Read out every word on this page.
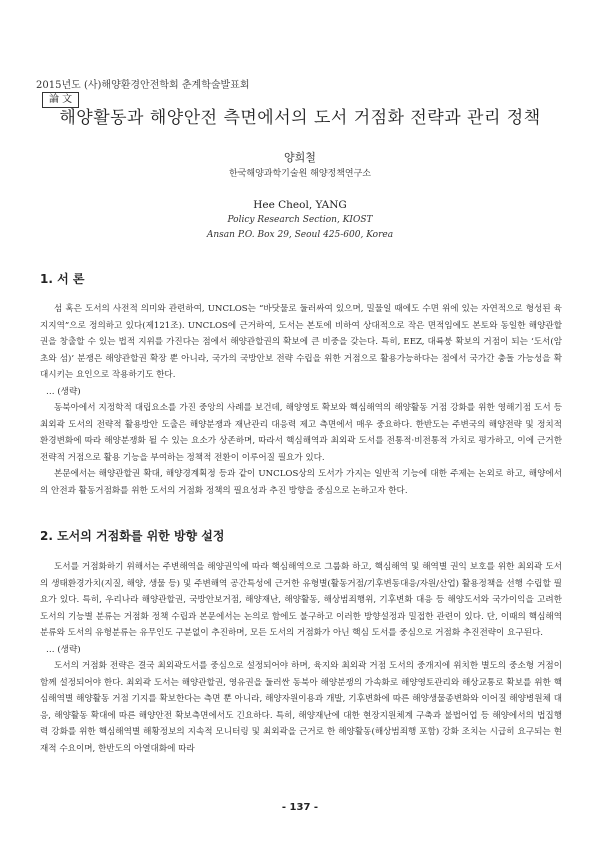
2015년도 (사)해양환경안전학회 춘계학술발표회
論 文
해양활동과 해양안전 측면에서의 도서 거점화 전략과 관리 정책
양희철
한국해양과학기술원 해양정책연구소
Hee Cheol, YANG
Policy Research Section, KIOST
Ansan P.O. Box 29, Seoul 425-600, Korea
1. 서 론

섬 혹은 도서의 사전적 의미와 관련하여, UNCLOS는 “바닷물로 둘러싸여 있으며, 밀물일 때에도 수면 위에 있는 자연적으로 형성된 육지지역”으로 정의하고 있다(제121조). UNCLOS에 근거하여, 도서는 본토에 비하여 상대적으로 작은 면적임에도 본토와 동일한 해양관할권을 창출할 수 있는 법적 지위를 가진다는 점에서 해양관할권의 확보에 큰 비중을 갖는다. 특히, EEZ, 대륙붕 확보의 거점이 되는 ‘도서(암초와 섬)’ 분쟁은 해양관할권 확장 뿐 아니라, 국가의 국방안보 전략 수립을 위한 거점으로 활용가능하다는 점에서 국가간 충돌 가능성을 확대시키는 요인으로 작용하기도 한다.

… (생략)

동북아에서 지정학적 대립요소를 가진 중앙의 사례를 보건데, 해양영토 확보와 핵심해역의 해양활동 거점 강화를 위한 영해기점 도서 등 최외곽 도서의 전략적 활용방안 도출은 해양분쟁과 재난관리 대응력 제고 측면에서 매우 중요하다. 한반도는 주변국의 해양전략 및 정치적 환경변화에 따라 해양분쟁화 될 수 있는 요소가 상존하며, 따라서 핵심해역과 최외곽 도서를 전통적·비전통적 가치로 평가하고, 이에 근거한 전략적 거점으로 활용 기능을 부여하는 정책적 전환이 이루어질 필요가 있다.

본문에서는 해양관할권 확대, 해양경계획정 등과 같이 UNCLOS상의 도서가 가지는 일반적 기능에 대한 주제는 논외로 하고, 해양에서의 안전과 활동거점화를 위한 도서의 거점화 정책의 필요성과 추진 방향을 중심으로 논하고자 한다.

2. 도서의 거점화를 위한 방향 설정

도서를 거점화하기 위해서는 주변해역을 해양권익에 따라 핵심해역으로 그룹화 하고, 핵심해역 및 해역별 권익 보호를 위한 최외곽 도서의 생태환경가치(지질, 해양, 생물 등) 및 주변해역 공간특성에 근거한 유형별(활동거점/기후변동대응/자원/산업) 활용정책을 선행 수립할 필요가 있다. 특히, 우리나라 해양관할권, 국방안보거점, 해양재난, 해양활동, 해상범죄행위, 기후변화 대응 등 해양도서와 국가이익을 고려한 도서의 기능별 분류는 거점화 정책 수립과 본문에서는 논의로 함에도 불구하고 이러한 방향설정과 밀접한 관련이 있다. 단, 이때의 핵심해역 분류와 도서의 유형분류는 유무인도 구분없이 추진하며, 모든 도서의 거점화가 아닌 핵심 도서를 중심으로 거점화 추진전략이 요구된다.

… (생략)

도서의 거점화 전략은 결국 최외곽도서를 중심으로 설정되어야 하며, 육지와 최외곽 거점 도서의 중개지에 위치한 별도의 중소형 거점이 함께 설정되어야 한다. 최외곽 도서는 해양관할권, 영유권을 둘러싼 동북아 해양분쟁의 가속화로 해양영토관리와 해상교통로 확보를 위한 핵심해역별 해양활동 거점 기지를 확보한다는 측면 뿐 아니라, 해양자원이용과 개발, 기후변화에 따른 해양생물종변화와 이어질 해양병원체 대응, 해양활동 확대에 따른 해양안전 확보측면에서도 긴요하다. 특히, 해양재난에 대한 현장지원체계 구축과 불법어업 등 해양에서의 법집행력 강화를 위한 핵심해역별 해황정보의 지속적 모니터링 및 최외곽을 근거로 한 해양활동(해상범죄행 포함) 강화 조치는 시급히 요구되는 현재적 수요이며, 한반도의 아열대화에 따라

- 137 -
